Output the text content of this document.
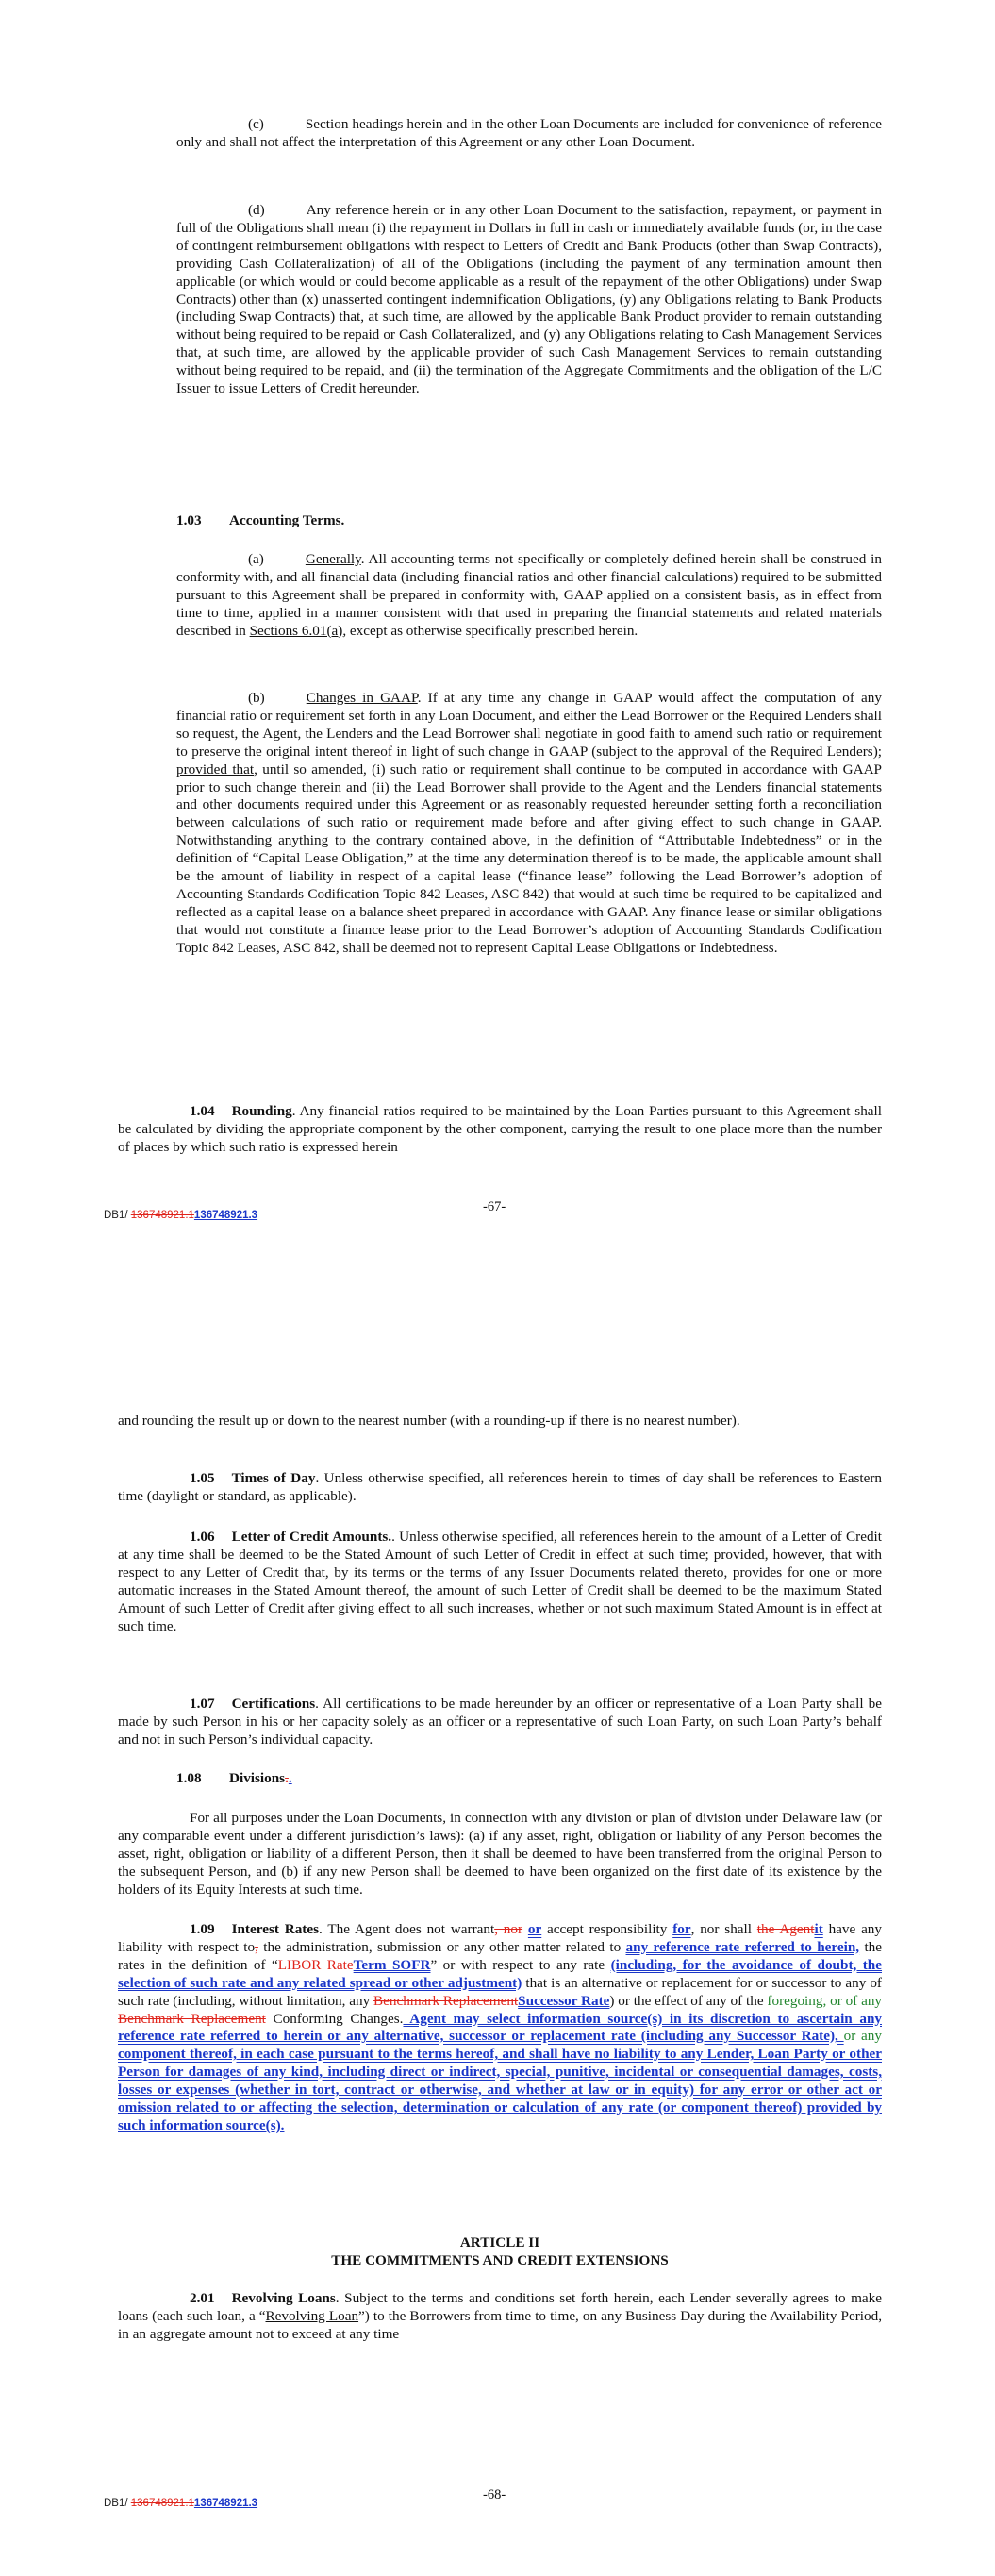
(c)	Section headings herein and in the other Loan Documents are included for convenience of reference only and shall not affect the interpretation of this Agreement or any other Loan Document.

(d)	Any reference herein or in any other Loan Document to the satisfaction, repayment, or payment in full of the Obligations shall mean (i) the repayment in Dollars in full in cash or immediately available funds (or, in the case of contingent reimbursement obligations with respect to Letters of Credit and Bank Products (other than Swap Contracts), providing Cash Collateralization) of all of the Obligations (including the payment of any termination amount then applicable (or which would or could become applicable as a result of the repayment of the other Obligations) under Swap Contracts) other than (x) unasserted contingent indemnification Obligations, (y) any Obligations relating to Bank Products (including Swap Contracts) that, at such time, are allowed by the applicable Bank Product provider to remain outstanding without being required to be repaid or Cash Collateralized, and (y) any Obligations relating to Cash Management Services that, at such time, are allowed by the applicable provider of such Cash Management Services to remain outstanding without being required to be repaid, and (ii) the termination of the Aggregate Commitments and the obligation of the L/C Issuer to issue Letters of Credit hereunder.

1.03 Accounting Terms.

(a)	Generally. All accounting terms not specifically or completely defined herein shall be construed in conformity with, and all financial data (including financial ratios and other financial calculations) required to be submitted pursuant to this Agreement shall be prepared in conformity with, GAAP applied on a consistent basis, as in effect from time to time, applied in a manner consistent with that used in preparing the financial statements and related materials described in Sections 6.01(a), except as otherwise specifically prescribed herein.

(b)	Changes in GAAP. If at any time any change in GAAP would affect the computation of any financial ratio or requirement set forth in any Loan Document, and either the Lead Borrower or the Required Lenders shall so request, the Agent, the Lenders and the Lead Borrower shall negotiate in good faith to amend such ratio or requirement to preserve the original intent thereof in light of such change in GAAP (subject to the approval of the Required Lenders); provided that, until so amended, (i) such ratio or requirement shall continue to be computed in accordance with GAAP prior to such change therein and (ii) the Lead Borrower shall provide to the Agent and the Lenders financial statements and other documents required under this Agreement or as reasonably requested hereunder setting forth a reconciliation between calculations of such ratio or requirement made before and after giving effect to such change in GAAP. Notwithstanding anything to the contrary contained above, in the definition of “Attributable Indebtedness” or in the definition of “Capital Lease Obligation,” at the time any determination thereof is to be made, the applicable amount shall be the amount of liability in respect of a capital lease (“finance lease” following the Lead Borrower’s adoption of Accounting Standards Codification Topic 842 Leases, ASC 842) that would at such time be required to be capitalized and reflected as a capital lease on a balance sheet prepared in accordance with GAAP. Any finance lease or similar obligations that would not constitute a finance lease prior to the Lead Borrower’s adoption of Accounting Standards Codification Topic 842 Leases, ASC 842, shall be deemed not to represent Capital Lease Obligations or Indebtedness.

1.04 Rounding. Any financial ratios required to be maintained by the Loan Parties pursuant to this Agreement shall be calculated by dividing the appropriate component by the other component, carrying the result to one place more than the number of places by which such ratio is expressed herein

DB1/ 136748921.1136748921.3
-67-

and rounding the result up or down to the nearest number (with a rounding-up if there is no nearest number).

1.05 Times of Day. Unless otherwise specified, all references herein to times of day shall be references to Eastern time (daylight or standard, as applicable).

1.06 Letter of Credit Amounts.. Unless otherwise specified, all references herein to the amount of a Letter of Credit at any time shall be deemed to be the Stated Amount of such Letter of Credit in effect at such time; provided, however, that with respect to any Letter of Credit that, by its terms or the terms of any Issuer Documents related thereto, provides for one or more automatic increases in the Stated Amount thereof, the amount of such Letter of Credit shall be deemed to be the maximum Stated Amount of such Letter of Credit after giving effect to all such increases, whether or not such maximum Stated Amount is in effect at such time.

1.07 Certifications. All certifications to be made hereunder by an officer or representative of a Loan Party shall be made by such Person in his or her capacity solely as an officer or a representative of such Loan Party, on such Loan Party’s behalf and not in such Person’s individual capacity.

1.08 Divisions..

For all purposes under the Loan Documents, in connection with any division or plan of division under Delaware law (or any comparable event under a different jurisdiction’s laws): (a) if any asset, right, obligation or liability of any Person becomes the asset, right, obligation or liability of a different Person, then it shall be deemed to have been transferred from the original Person to the subsequent Person, and (b) if any new Person shall be deemed to have been organized on the first date of its existence by the holders of its Equity Interests at such time.

1.09 Interest Rates. The Agent does not warrant, nor or accept responsibility for, nor shall the Agentit have any liability with respect to, the administration, submission or any other matter related to any reference rate referred to herein, the rates in the definition of “LIBOR RateTerm SOFR” or with respect to any rate (including, for the avoidance of doubt, the selection of such rate and any related spread or other adjustment) that is an alternative or replacement for or successor to any of such rate (including, without limitation, any Benchmark ReplacementSuccessor Rate) or the effect of any of the foregoing, or of any Benchmark Replacement Conforming Changes. Agent may select information source(s) in its discretion to ascertain any reference rate referred to herein or any alternative, successor or replacement rate (including any Successor Rate), or any component thereof, in each case pursuant to the terms hereof, and shall have no liability to any Lender, Loan Party or other Person for damages of any kind, including direct or indirect, special, punitive, incidental or consequential damages, costs, losses or expenses (whether in tort, contract or otherwise, and whether at law or in equity) for any error or other act or omission related to or affecting the selection, determination or calculation of any rate (or component thereof) provided by such information source(s).

ARTICLE II
THE COMMITMENTS AND CREDIT EXTENSIONS

2.01 Revolving Loans. Subject to the terms and conditions set forth herein, each Lender severally agrees to make loans (each such loan, a “Revolving Loan”) to the Borrowers from time to time, on any Business Day during the Availability Period, in an aggregate amount not to exceed at any time

DB1/ 136748921.1136748921.3
-68-
